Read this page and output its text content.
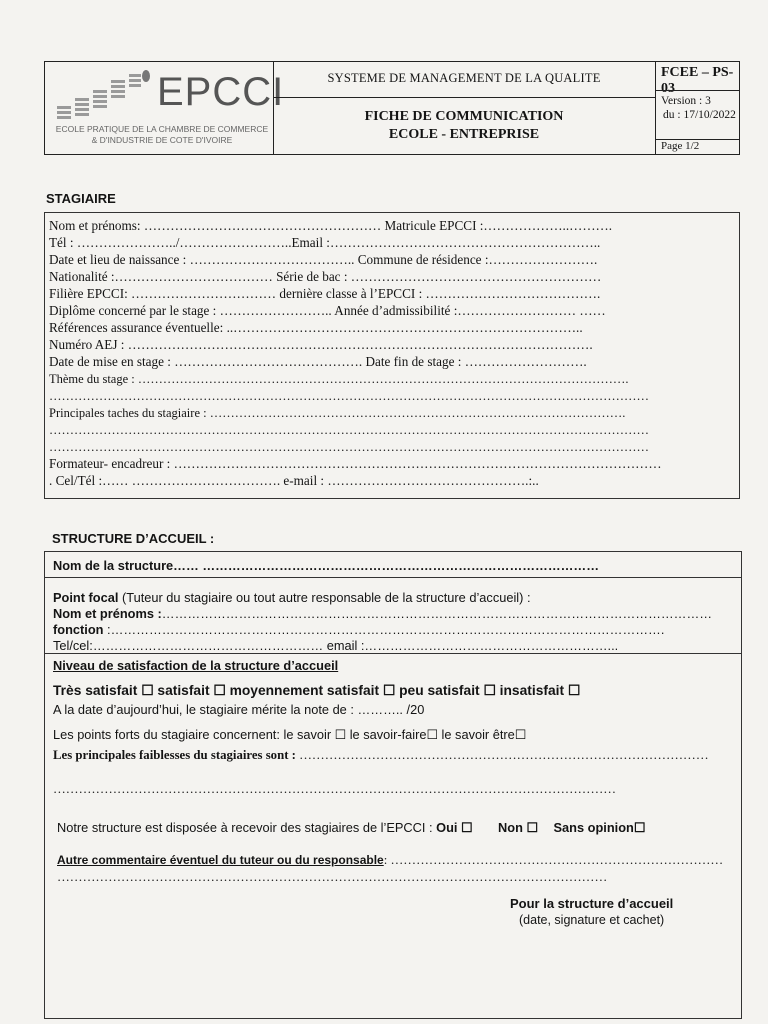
EPCCI
ECOLE PRATIQUE DE LA CHAMBRE DE COMMERCE
& D'INDUSTRIE DE COTE D'IVOIRE
SYSTEME DE MANAGEMENT DE LA QUALITE
FICHE DE COMMUNICATION
ECOLE - ENTREPRISE
FCEE – PS-03
Version : 3
du : 17/10/2022
Page 1/2
STAGIAIRE
Nom et prénoms: ……………………………………………… Matricule EPCCI :………………..……….
Tél : …………………../……………………..Email :……………………………………………………..
Date et lieu de naissance : ……………………………….. Commune de résidence :…………………….
Nationalité :……………………………… Série de bac : …………………………………………………
Filière EPCCI: …………………………… dernière classe à l’EPCCI : ………………………………….
Diplôme concerné par le stage : …………………….. Année d’admissibilité :……………………… ……
Références assurance éventuelle: ..……………………………………………………………………..
Numéro AEJ : …………………………………………………………………………………………….
Date de mise en stage : ……………………………………. Date fin de stage : ……………………….
Thème du stage : ……………………………………………………………………………………………………….
………………………………………………………………………………………………………………………………
Principales taches du stagiaire : ……………………………………………………………………………………….
………………………………………………………………………………………………………………………………
………………………………………………………………………………………………………………………………
Formateur- encadreur : …………………………………………………………………………………………………
. Cel/Tél :…… ……………………………. e-mail : ……………………………………….:..
STRUCTURE D’ACCUEIL :
Nom de la structure…… …………………………………………………………………………………
Point focal (Tuteur du stagiaire ou tout autre responsable de la structure d’accueil) :
Nom et prénoms :…………………………………………………………………………………………………………………
fonction :………………………………………………………………………………………………………………….
Tel/cel:……………………………………………… email :…………………………………………………...
Niveau de satisfaction de la structure d’accueil
Très satisfait ☐ satisfait ☐ moyennement satisfait ☐ peu satisfait ☐ insatisfait ☐
A la date d’aujourd’hui, le stagiaire mérite la note de : ……….. /20
Les points forts du stagiaire concernent: le savoir ☐ le savoir-faire☐ le savoir être☐
Les principales faiblesses du stagiaires sont : ……………………………………………………………………………………
……………………………………………………………………………………………………………………
Notre structure est disposée à recevoir des stagiaires de l’EPCCI : Oui ☐ Non ☐ Sans opinion☐
Autre commentaire éventuel du tuteur ou du responsable: ……………………………………………………………………
…………………………………………………………………………………………………………………
Pour la structure d’accueil
(date, signature et cachet)
